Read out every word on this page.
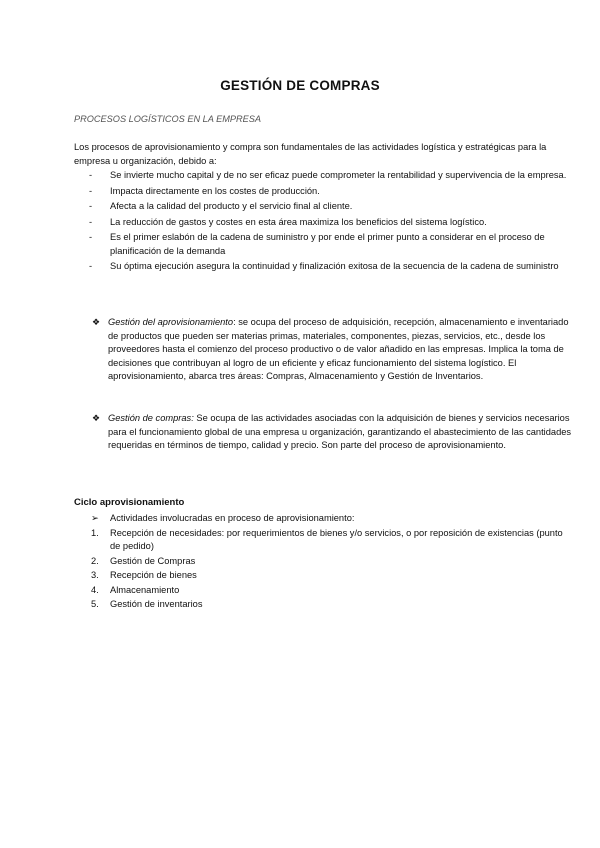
GESTIÓN DE COMPRAS
PROCESOS LOGÍSTICOS EN LA EMPRESA
Los procesos de aprovisionamiento y compra son fundamentales de las actividades logística y estratégicas para la empresa u organización, debido a:
- Se invierte mucho capital y de no ser eficaz puede comprometer la rentabilidad y supervivencia de la empresa.
- Impacta directamente en los costes de producción.
- Afecta a la calidad del producto y el servicio final al cliente.
- La reducción de gastos y costes en esta área maximiza los beneficios del sistema logístico.
- Es el primer eslabón de la cadena de suministro y por ende el primer punto a considerar en el proceso de planificación de la demanda
- Su óptima ejecución asegura la continuidad y finalización exitosa de la secuencia de la cadena de suministro
❖ Gestión del aprovisionamiento: se ocupa del proceso de adquisición, recepción, almacenamiento e inventariado de productos que pueden ser materias primas, materiales, componentes, piezas, servicios, etc., desde los proveedores hasta el comienzo del proceso productivo o de valor añadido en las empresas. Implica la toma de decisiones que contribuyan al logro de un eficiente y eficaz funcionamiento del sistema logístico. El aprovisionamiento, abarca tres áreas: Compras, Almacenamiento y Gestión de Inventarios.
❖ Gestión de compras: Se ocupa de las actividades asociadas con la adquisición de bienes y servicios necesarios para el funcionamiento global de una empresa u organización, garantizando el abastecimiento de las cantidades requeridas en términos de tiempo, calidad y precio. Son parte del proceso de aprovisionamiento.
Ciclo aprovisionamiento
➢ Actividades involucradas en proceso de aprovisionamiento:
1. Recepción de necesidades: por requerimientos de bienes y/o servicios, o por reposición de existencias (punto de pedido)
2. Gestión de Compras
3. Recepción de bienes
4. Almacenamiento
5. Gestión de inventarios
